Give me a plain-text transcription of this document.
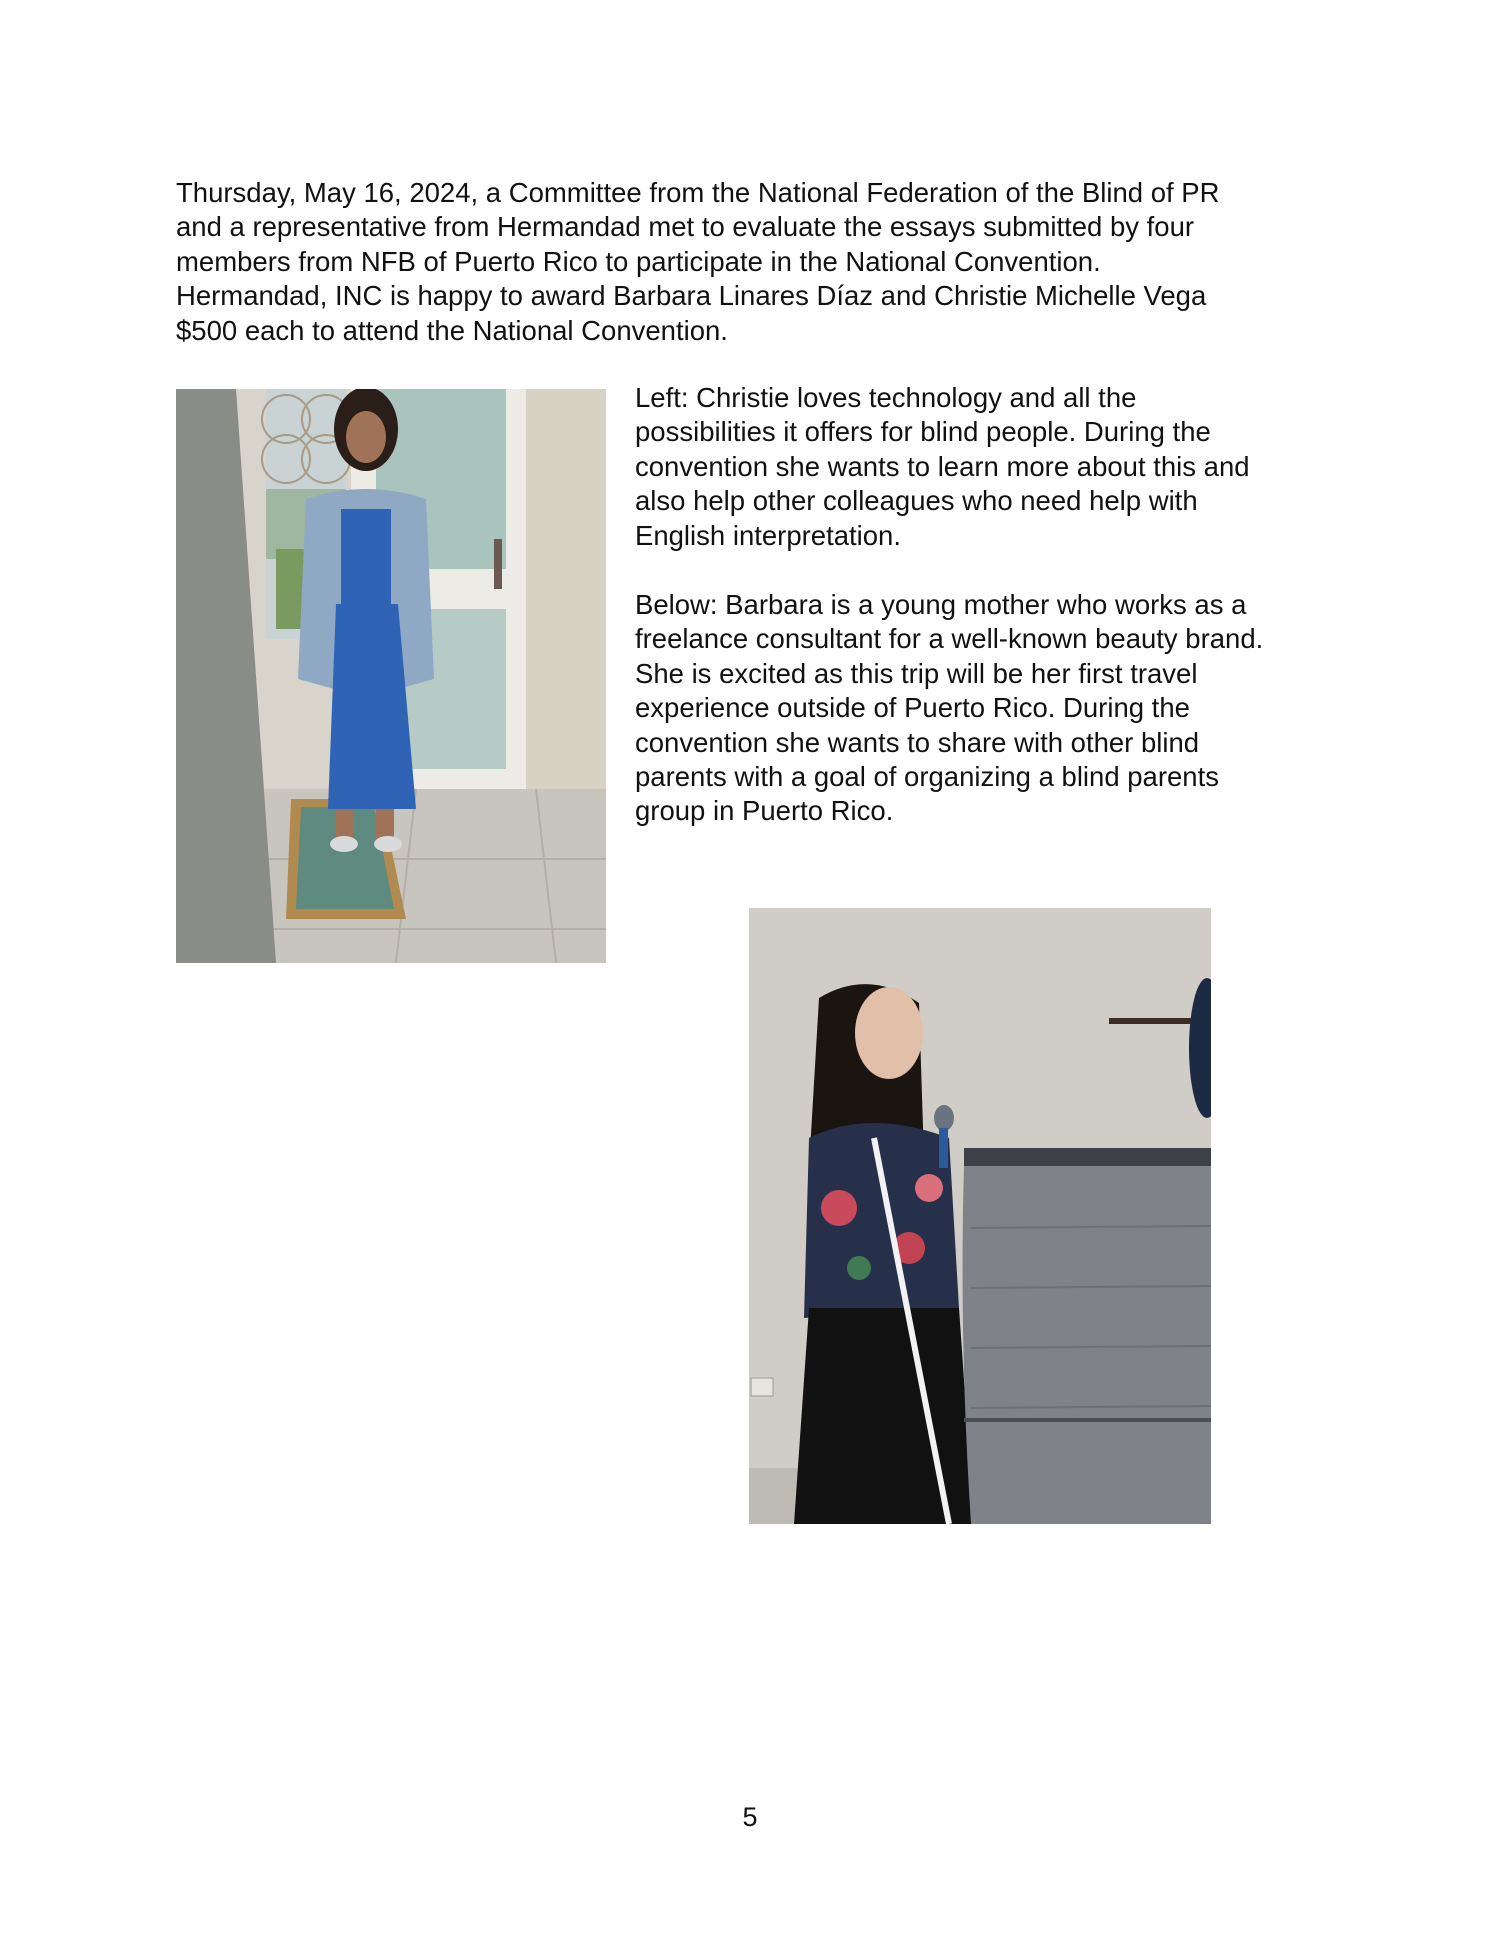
Thursday, May 16, 2024, a Committee from the National Federation of the Blind of PR
and a representative from Hermandad met to evaluate the essays submitted by four
members from NFB of Puerto Rico to participate in the National Convention.
Hermandad, INC is happy to award Barbara Linares Díaz and Christie Michelle Vega
$500 each to attend the National Convention.

Left: Christie loves technology and all the
possibilities it offers for blind people. During the
convention she wants to learn more about this and
also help other colleagues who need help with
English interpretation.

Below: Barbara is a young mother who works as a
freelance consultant for a well-known beauty brand.
She is excited as this trip will be her first travel
experience outside of Puerto Rico. During the
convention she wants to share with other blind
parents with a goal of organizing a blind parents
group in Puerto Rico.

5
